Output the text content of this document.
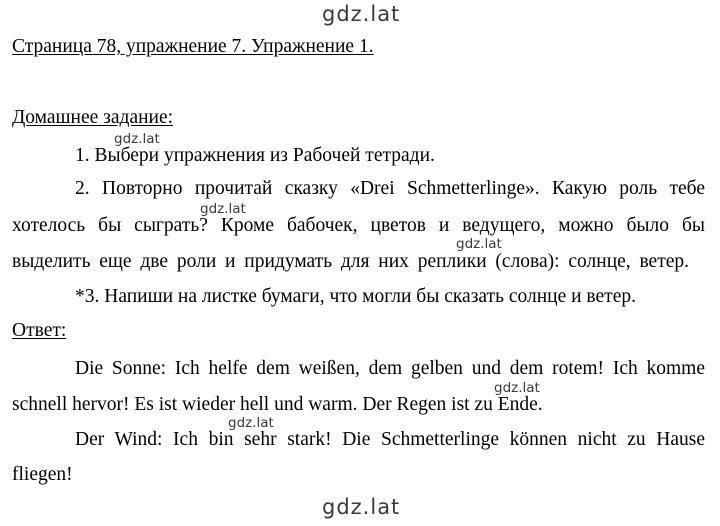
gdz.lat
Страница 78, упражнение 7. Упражнение 1.
Домашнее задание:
gdz.lat
1. Выбери упражнения из Рабочей тетради.
2. Повторно прочитай сказку «Drei Schmetterlinge». Какую роль тебе
gdz.lat
хотелось бы сыграть? Кроме бабочек, цветов и ведущего, можно было бы
gdz.lat
выделить еще две роли и придумать для них реплики (слова): солнце, ветер.
*3. Напиши на листке бумаги, что могли бы сказать солнце и ветер.
Ответ:
Die Sonne: Ich helfe dem weißen, dem gelben und dem rotem! Ich komme
gdz.lat
schnell hervor! Es ist wieder hell und warm. Der Regen ist zu Ende.
gdz.lat
Der Wind: Ich bin sehr stark! Die Schmetterlinge können nicht zu Hause
fliegen!
gdz.lat
